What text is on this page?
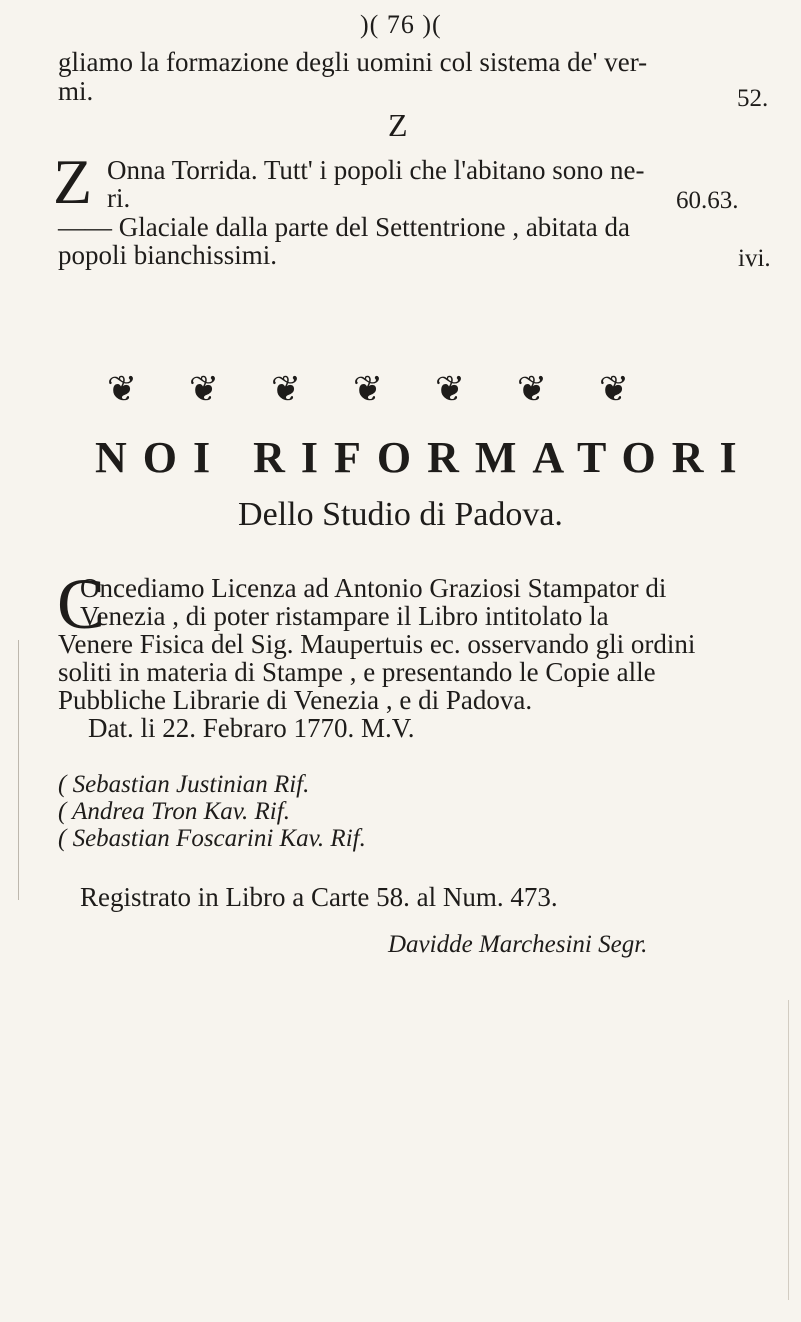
)( 76 )(
gliamo la formazione degli uomini col sistema de' ver-
mi.	52.
Z
Z Onna Torrida. Tutt' i popoli che l'abitano sono ne-
ri.	60.63.
—— Glaciale dalla parte del Settentrione , abitata da
popoli bianchissimi.	ivi.
❦	❦	❦	❦	❦	❦	❦
NOI RIFORMATORI
Dello Studio di Padova.
C
Oncediamo Licenza ad Antonio Graziosi Stampator di
Venezia , di poter ristampare il Libro intitolato la
Venere Fisica del Sig. Maupertuis ec. osservando gli ordini
soliti in materia di Stampe , e presentando le Copie alle
Pubbliche Librarie di Venezia , e di Padova.
Dat. li 22. Febraro 1770. M.V.
( Sebastian Justinian Rif.
( Andrea Tron Kav. Rif.
( Sebastian Foscarini Kav. Rif.
Registrato in Libro a Carte 58. al Num. 473.
Davidde Marchesini Segr.
